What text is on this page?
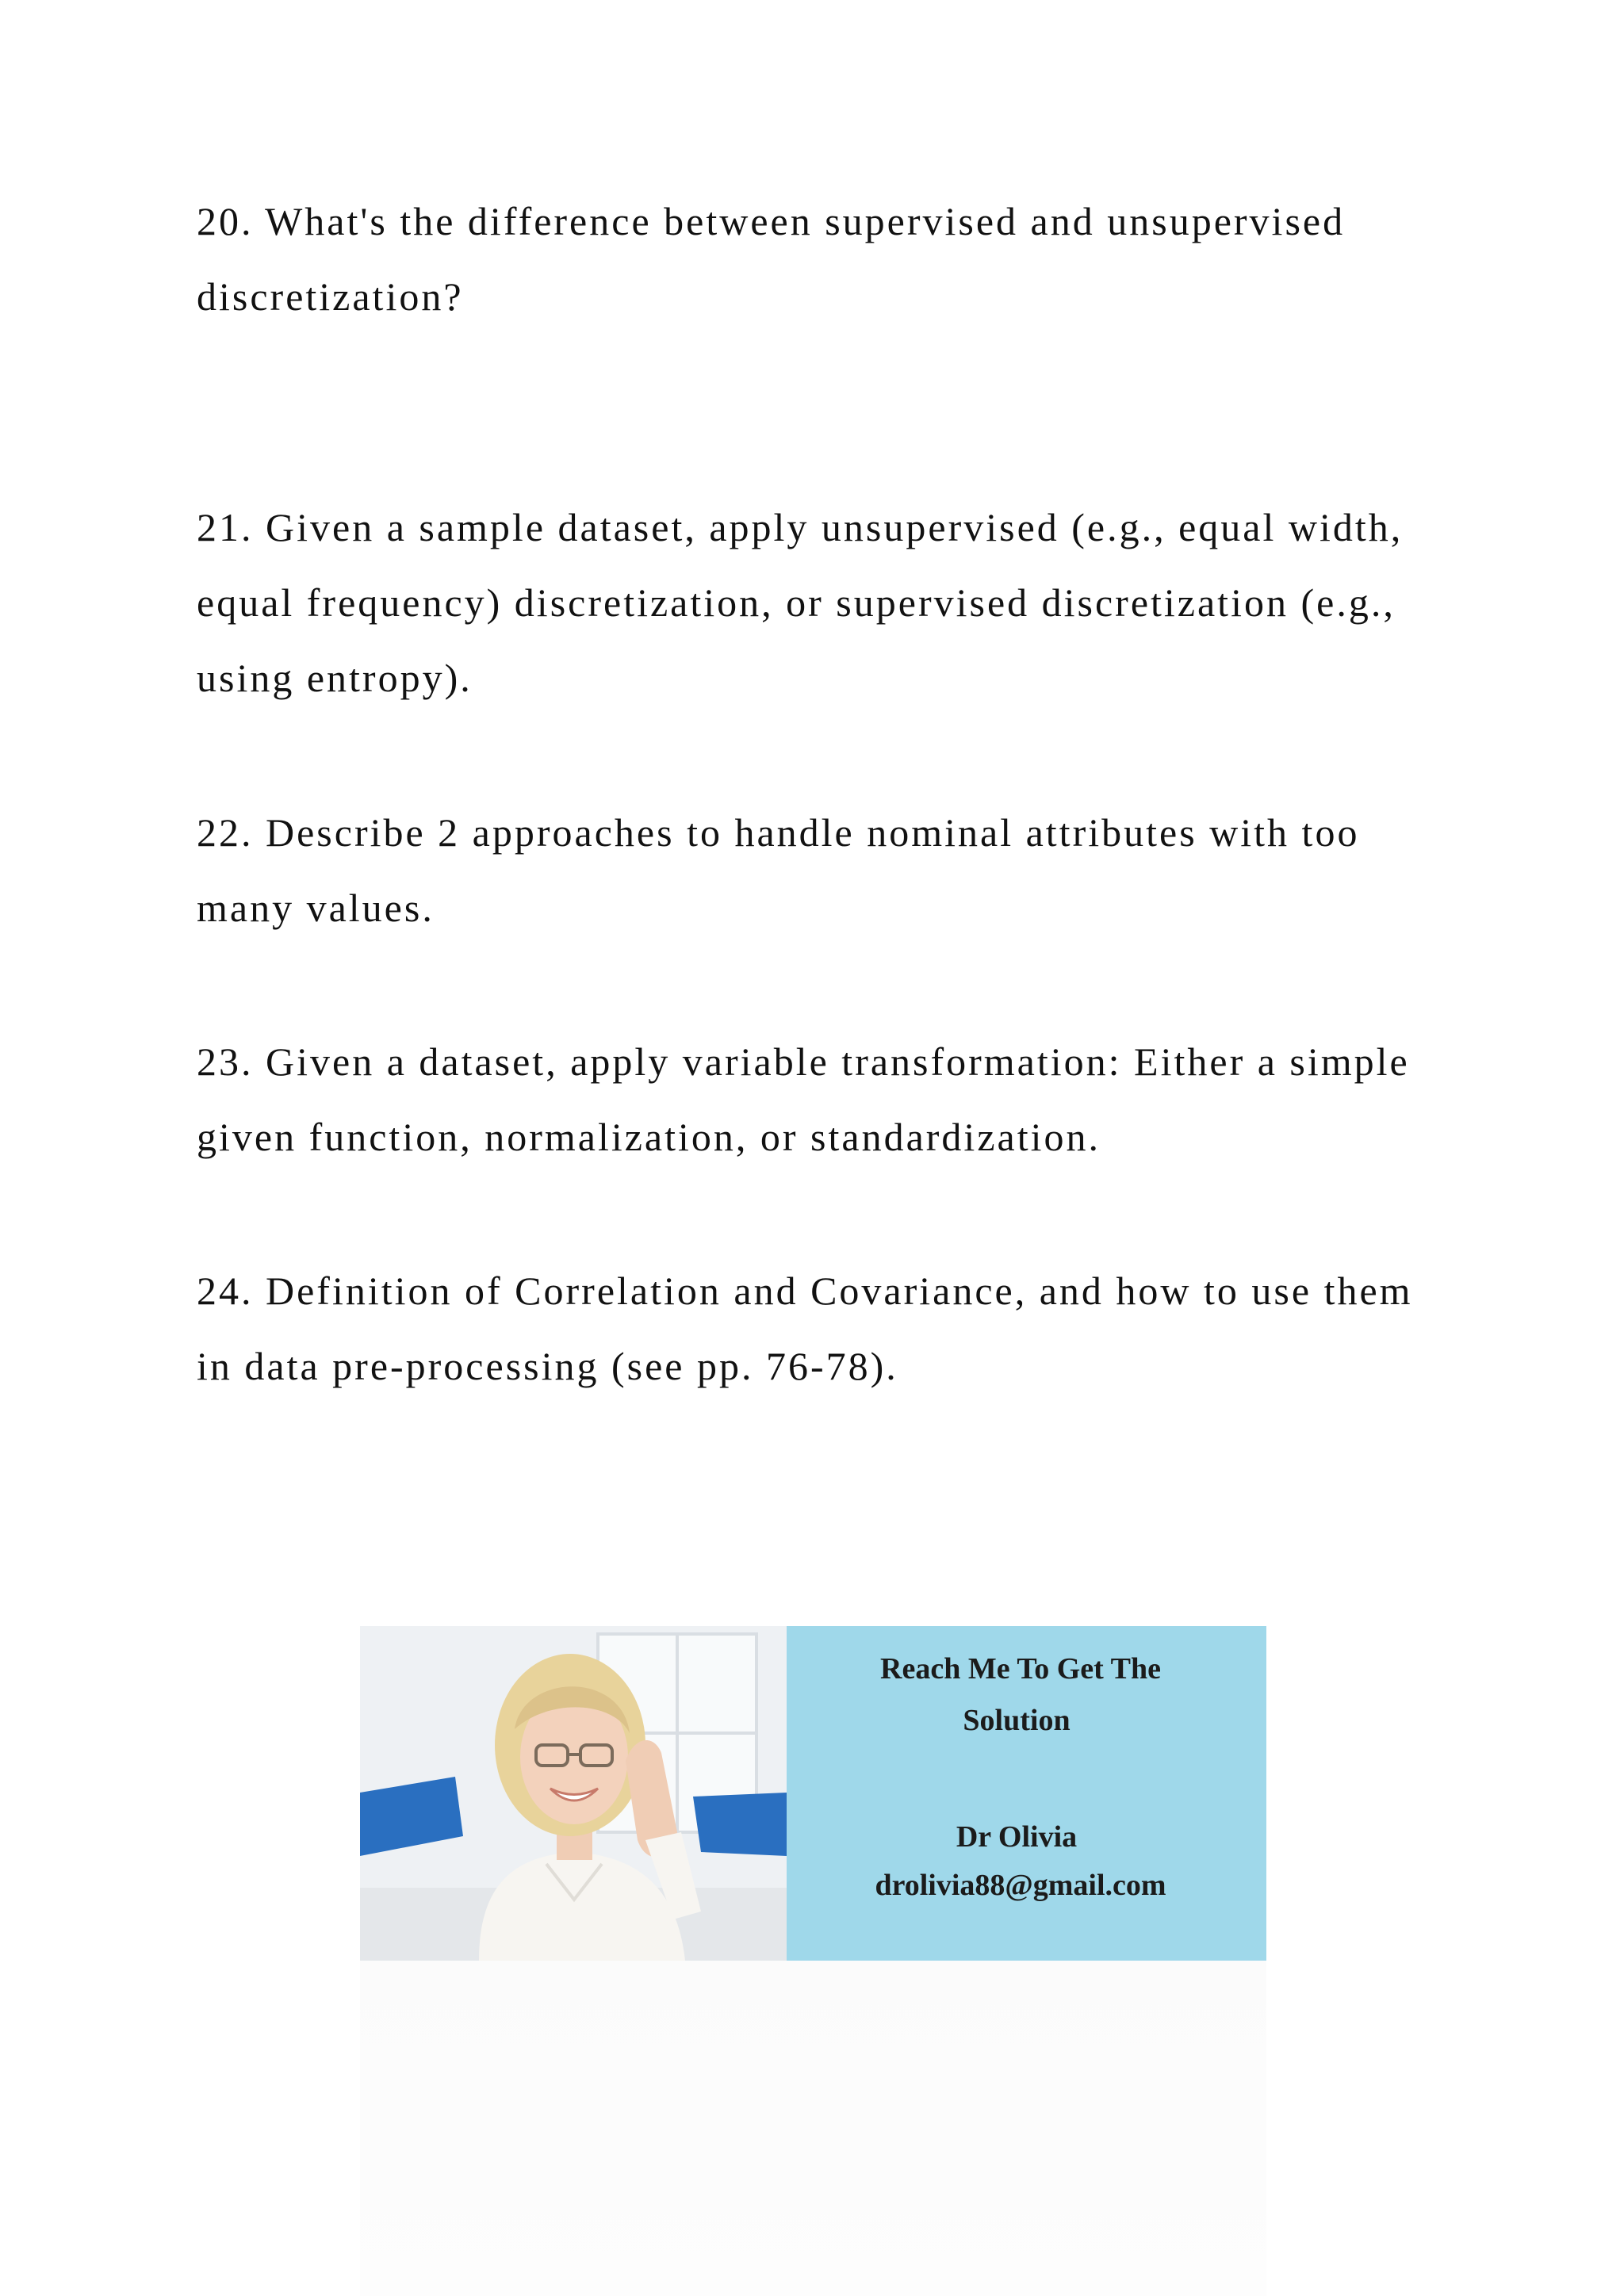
20. What's the difference between supervised and unsupervised discretization?

21. Given a sample dataset, apply unsupervised (e.g., equal width, equal frequency) discretization, or supervised discretization (e.g., using entropy).

22. Describe 2 approaches to handle nominal attributes with too many values.

23. Given a dataset, apply variable transformation: Either a simple given function, normalization, or standardization.

24. Definition of Correlation and Covariance, and how to use them in data pre-processing (see pp. 76-78).

Reach Me To Get The
Solution
Dr Olivia
drolivia88@gmail.com
